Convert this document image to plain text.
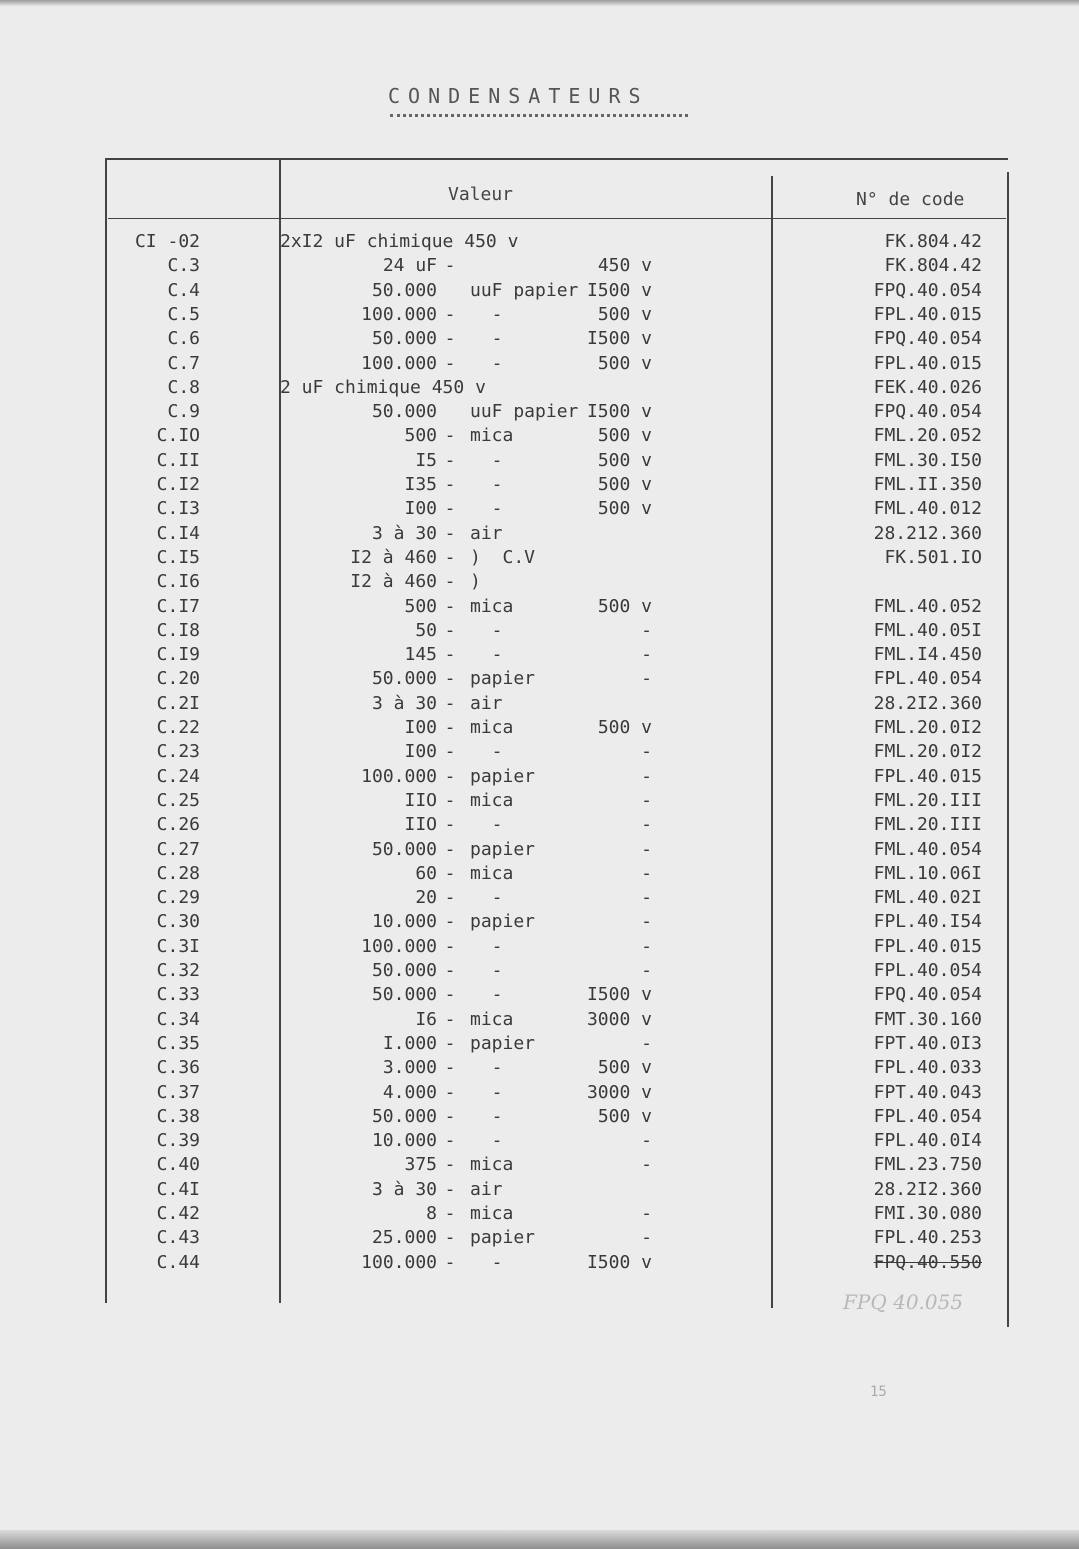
CONDENSATEURS
Valeur	N° de code
CI -02	2xI2 uF chimique 450 v	FK.804.42
C.3	24 uF -	450 v	FK.804.42
C.4	50.000 uuF papier I500 v	FPQ.40.054
C.5	100.000 - -	500 v	FPL.40.015
C.6	50.000 - -	I500 v	FPQ.40.054
C.7	100.000 - -	500 v	FPL.40.015
C.8	2 uF chimique 450 v	FEK.40.026
C.9	50.000 uuF papier I500 v	FPQ.40.054
C.IO	500 - mica	500 v	FML.20.052
C.II	I5 - -	500 v	FML.30.I50
C.I2	I35 - -	500 v	FML.II.350
C.I3	I00 - -	500 v	FML.40.012
C.I4	3 à 30 - air	28.212.360
C.I5	I2 à 460 - )  C.V	FK.501.IO
C.I6	I2 à 460 - )
C.I7	500 - mica	500 v	FML.40.052
C.I8	50 - -	-	FML.40.05I
C.I9	145 - -	-	FML.I4.450
C.20	50.000 - papier	-	FPL.40.054
C.2I	3 à 30 - air	28.2I2.360
C.22	I00 - mica	500 v	FML.20.0I2
C.23	I00 - -	-	FML.20.0I2
C.24	100.000 - papier	-	FPL.40.015
C.25	IIO - mica	-	FML.20.III
C.26	IIO - -	-	FML.20.III
C.27	50.000 - papier	-	FML.40.054
C.28	60 - mica	-	FML.10.06I
C.29	20 - -	-	FML.40.02I
C.30	10.000 - papier	-	FPL.40.I54
C.3I	100.000 - -	-	FPL.40.015
C.32	50.000 - -	-	FPL.40.054
C.33	50.000 - -	I500 v	FPQ.40.054
C.34	I6 - mica	3000 v	FMT.30.160
C.35	I.000 - papier	-	FPT.40.0I3
C.36	3.000 - -	500 v	FPL.40.033
C.37	4.000 - -	3000 v	FPT.40.043
C.38	50.000 - -	500 v	FPL.40.054
C.39	10.000 - -	-	FPL.40.0I4
C.40	375 - mica	-	FML.23.750
C.4I	3 à 30 - air	28.2I2.360
C.42	8 - mica	-	FMI.30.080
C.43	25.000 - papier	-	FPL.40.253
C.44	100.000 - -	I500 v	FPQ.40.550
FPQ 40.055
15
